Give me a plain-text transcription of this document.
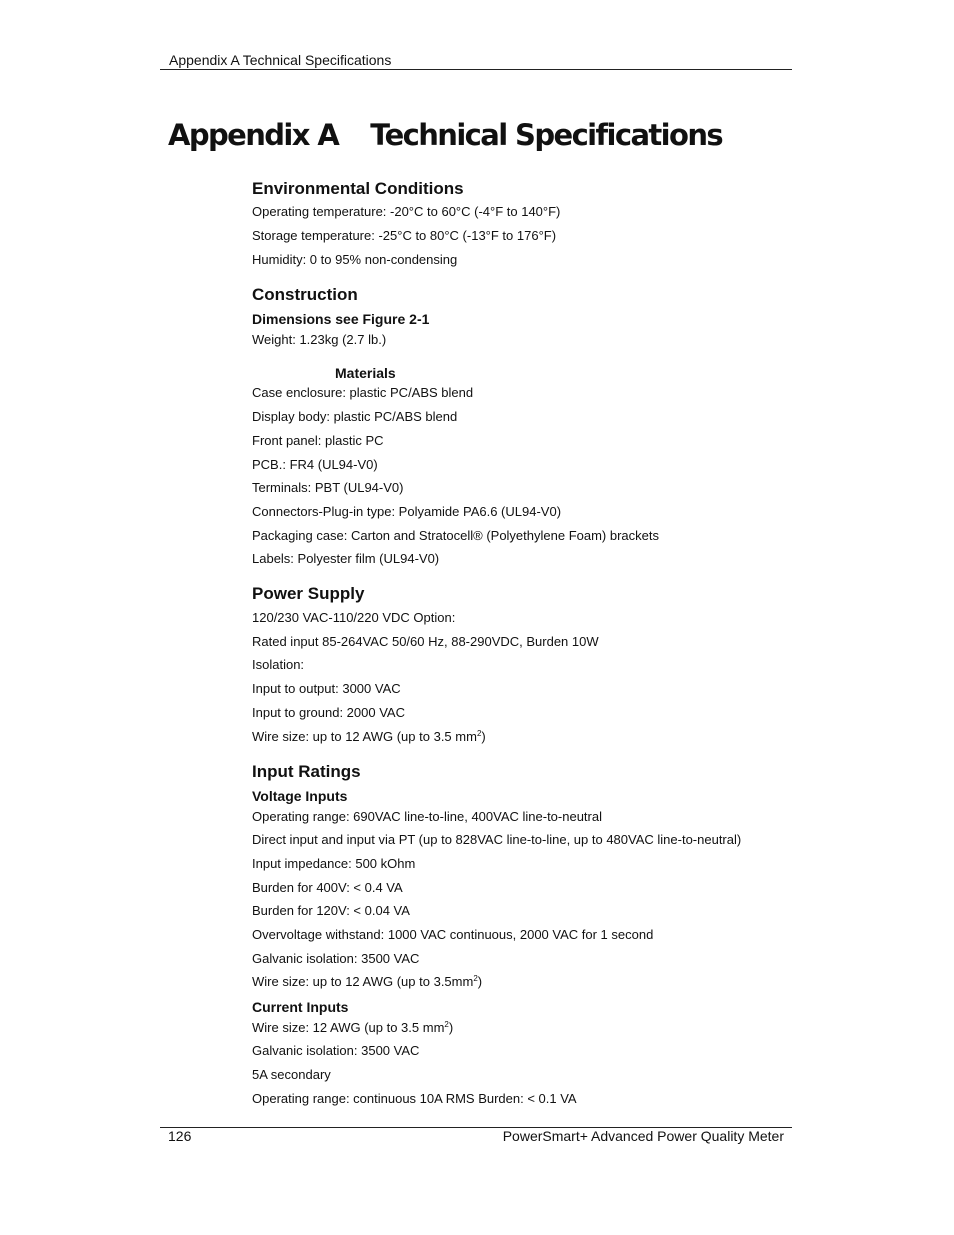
Appendix A Technical Specifications
Appendix A Technical Specifications
Environmental Conditions

Operating temperature: -20°C to 60°C (-4°F to 140°F)

Storage temperature: -25°C to 80°C (-13°F to 176°F)

Humidity: 0 to 95% non-condensing

Construction
Dimensions see Figure 2-1

Weight: 1.23kg (2.7 lb.)

Materials

Case enclosure: plastic PC/ABS blend

Display body: plastic PC/ABS blend

Front panel: plastic PC

PCB.: FR4 (UL94-V0)

Terminals: PBT (UL94-V0)

Connectors-Plug-in type: Polyamide PA6.6 (UL94-V0)

Packaging case: Carton and Stratocell® (Polyethylene Foam) brackets

Labels: Polyester film (UL94-V0)

Power Supply

120/230 VAC-110/220 VDC Option:

Rated input 85-264VAC 50/60 Hz, 88-290VDC, Burden 10W

Isolation:

Input to output: 3000 VAC

Input to ground: 2000 VAC

Wire size: up to 12 AWG (up to 3.5 $mm^2$)

Input Ratings
Voltage Inputs

Operating range: 690VAC line-to-line, 400VAC line-to-neutral

Direct input and input via PT (up to 828VAC line-to-line, up to 480VAC line-to-neutral)

Input impedance: 500 kOhm

Burden for 400V: < 0.4 VA

Burden for 120V: < 0.04 VA

Overvoltage withstand: 1000 VAC continuous, 2000 VAC for 1 second

Galvanic isolation: 3500 VAC

Wire size: up to 12 AWG (up to $3.5mm^2$)

Current Inputs

Wire size: 12 AWG (up to 3.5 $mm^2$)

Galvanic isolation: 3500 VAC

5A secondary

Operating range: continuous 10A RMS Burden: < 0.1 VA

126	PowerSmart+ Advanced Power Quality Meter
